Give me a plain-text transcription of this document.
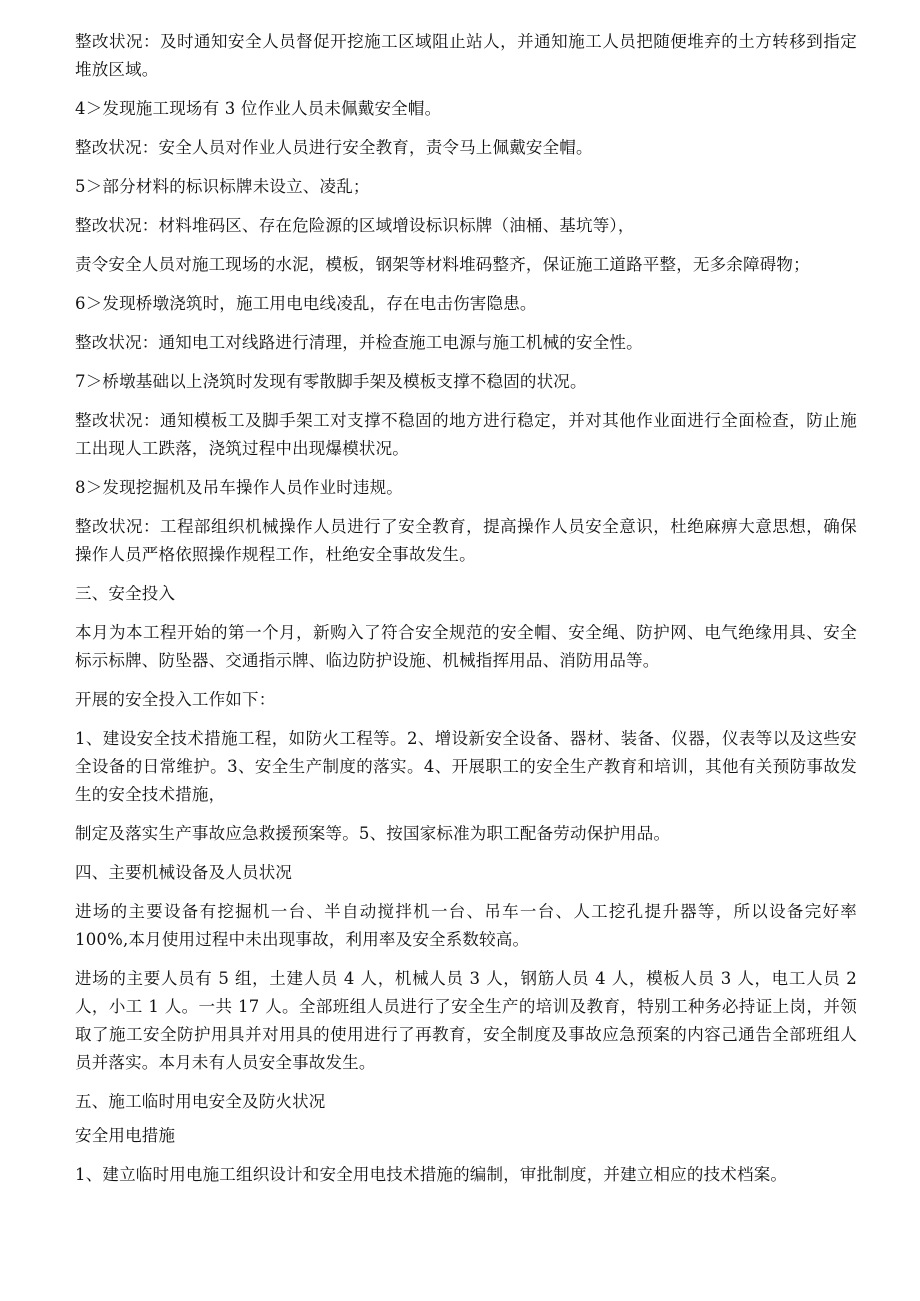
整改状况：及时通知安全人员督促开挖施工区域阻止站人，并通知施工人员把随便堆弃的土方转移到指定堆放区域。

4＞发现施工现场有 3 位作业人员未佩戴安全帽。

整改状况：安全人员对作业人员进行安全教育，责令马上佩戴安全帽。

5＞部分材料的标识标牌未设立、凌乱；

整改状况：材料堆码区、存在危险源的区域增设标识标牌（油桶、基坑等），

责令安全人员对施工现场的水泥，模板，钢架等材料堆码整齐，保证施工道路平整，无多余障碍物；

6＞发现桥墩浇筑时，施工用电电线凌乱，存在电击伤害隐患。

整改状况：通知电工对线路进行清理，并检查施工电源与施工机械的安全性。

7＞桥墩基础以上浇筑时发现有零散脚手架及模板支撑不稳固的状况。

整改状况：通知模板工及脚手架工对支撑不稳固的地方进行稳定，并对其他作业面进行全面检查，防止施工出现人工跌落，浇筑过程中出现爆模状况。

8＞发现挖掘机及吊车操作人员作业时违规。

整改状况：工程部组织机械操作人员进行了安全教育，提高操作人员安全意识，杜绝麻痹大意思想，确保操作人员严格依照操作规程工作，杜绝安全事故发生。

三、安全投入

本月为本工程开始的第一个月，新购入了符合安全规范的安全帽、安全绳、防护网、电气绝缘用具、安全标示标牌、防坠器、交通指示牌、临边防护设施、机械指挥用品、消防用品等。

开展的安全投入工作如下：

1、建设安全技术措施工程，如防火工程等。2、增设新安全设备、器材、装备、仪器，仪表等以及这些安全设备的日常维护。3、安全生产制度的落实。4、开展职工的安全生产教育和培训，其他有关预防事故发生的安全技术措施，

制定及落实生产事故应急救援预案等。5、按国家标准为职工配备劳动保护用品。

四、主要机械设备及人员状况

进场的主要设备有挖掘机一台、半自动搅拌机一台、吊车一台、人工挖孔提升器等，所以设备完好率 100%,本月使用过程中未出现事故，利用率及安全系数较高。

进场的主要人员有 5 组，土建人员 4 人，机械人员 3 人，钢筋人员 4 人，模板人员 3 人，电工人员 2 人，小工 1 人。一共 17 人。全部班组人员进行了安全生产的培训及教育，特别工种务必持证上岗，并领取了施工安全防护用具并对用具的使用进行了再教育，安全制度及事故应急预案的内容己通告全部班组人员并落实。本月未有人员安全事故发生。

五、施工临时用电安全及防火状况

安全用电措施

1、建立临时用电施工组织设计和安全用电技术措施的编制，审批制度，并建立相应的技术档案。
